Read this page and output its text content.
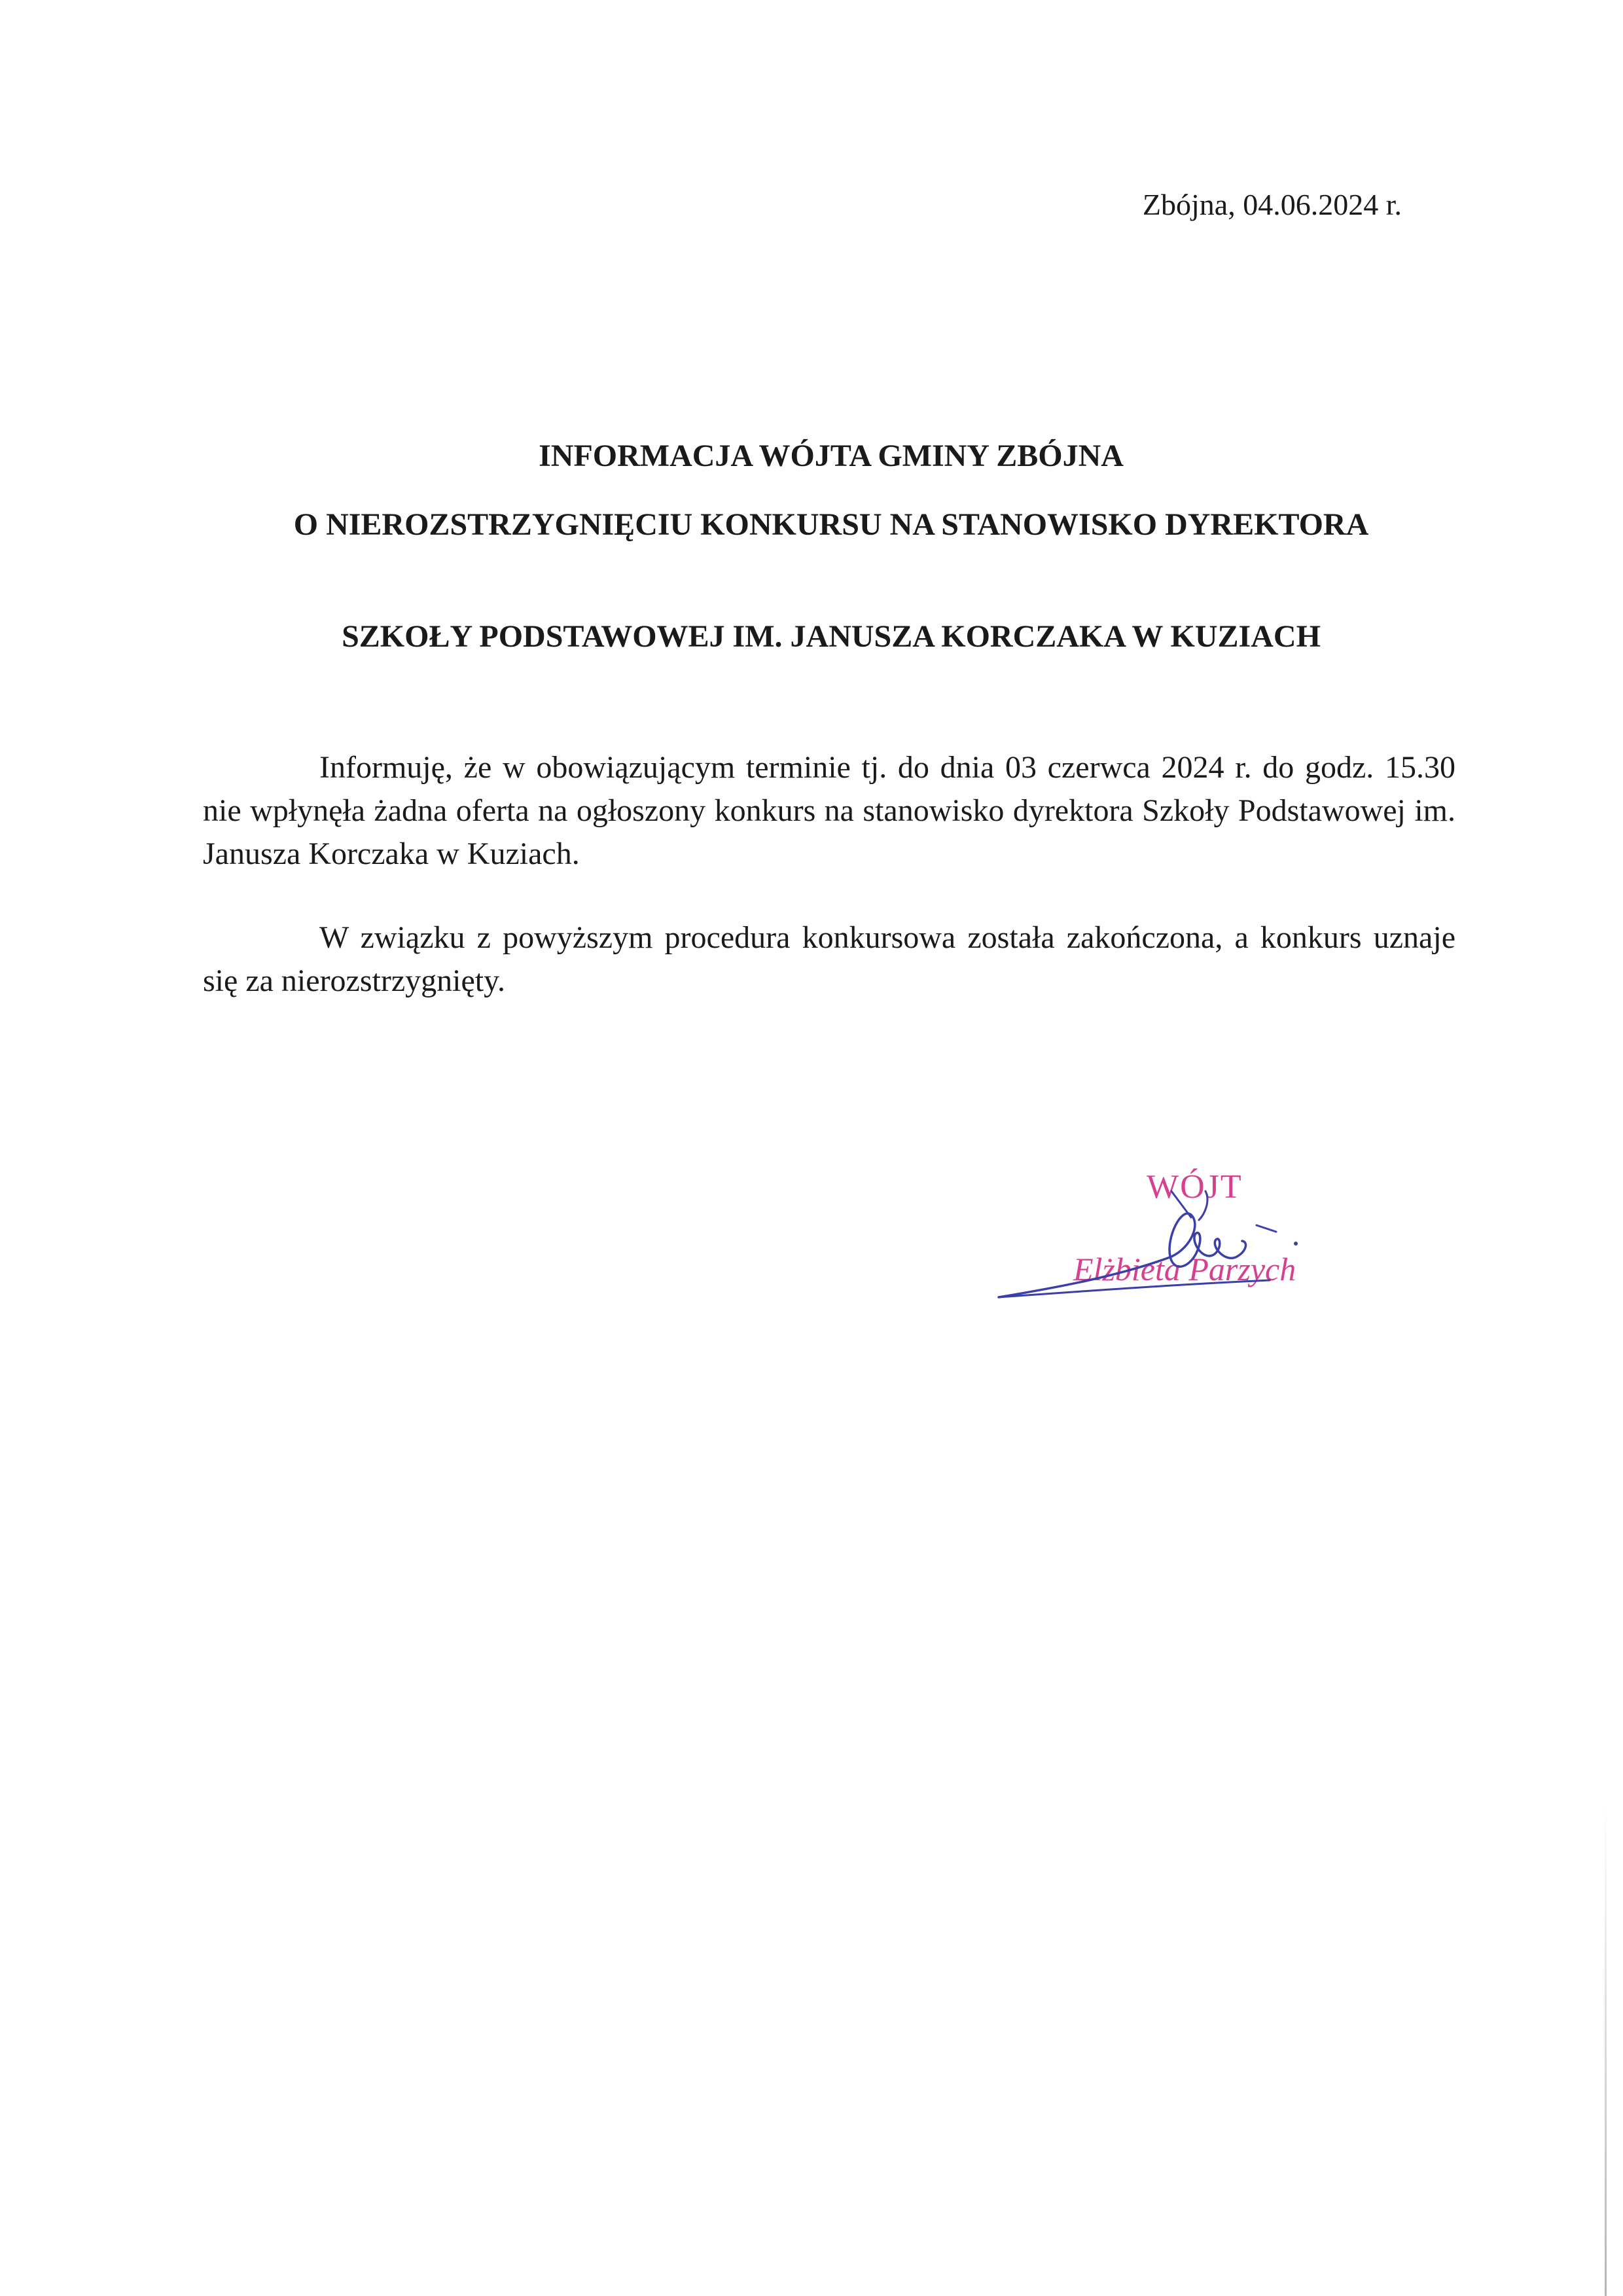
Zbójna, 04.06.2024 r.
INFORMACJA WÓJTA GMINY ZBÓJNA
O NIEROZSTRZYGNIĘCIU KONKURSU NA STANOWISKO DYREKTORA
SZKOŁY PODSTAWOWEJ IM. JANUSZA KORCZAKA W KUZIACH

Informuję, że w obowiązującym terminie tj. do dnia 03 czerwca 2024 r. do godz. 15.30 nie wpłynęła żadna oferta na ogłoszony konkurs na stanowisko dyrektora Szkoły Podstawowej im. Janusza Korczaka w Kuziach.

W związku z powyższym procedura konkursowa została zakończona, a konkurs uznaje się za nierozstrzygnięty.

WÓJT
Elżbieta Parzych
